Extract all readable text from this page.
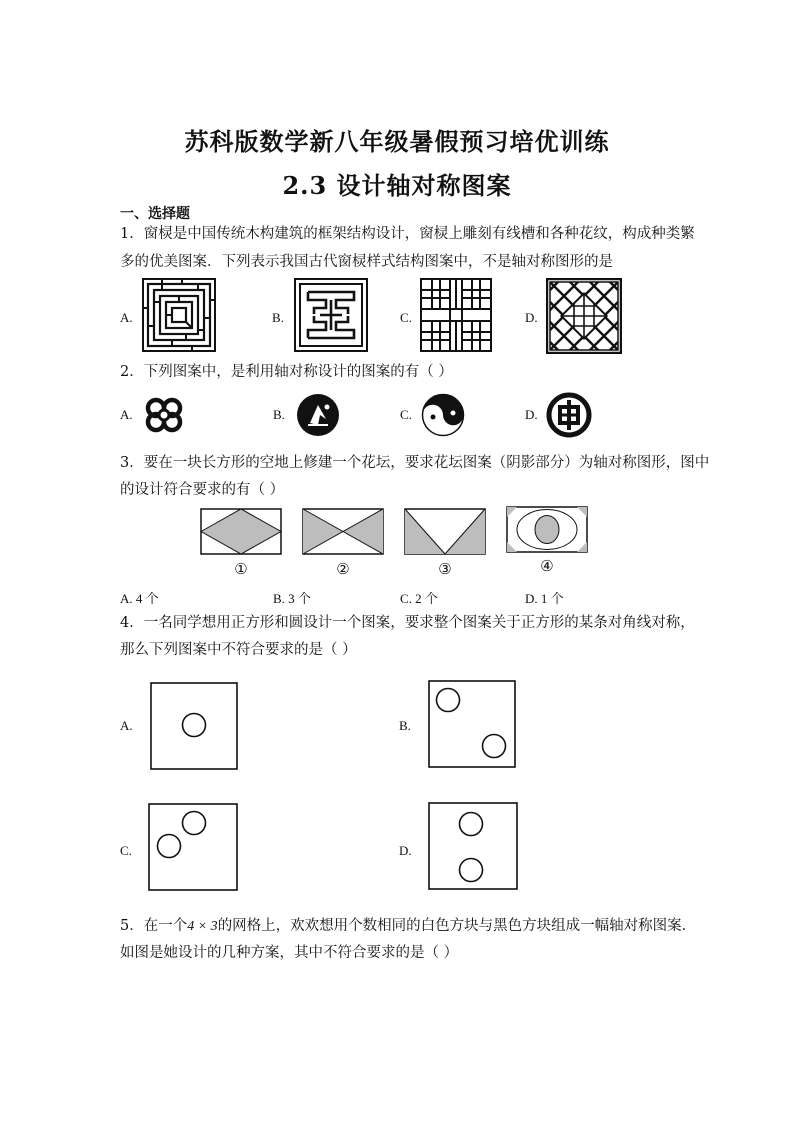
苏科版数学新八年级暑假预习培优训练
2.3 设计轴对称图案
一、选择题
1．窗棂是中国传统木构建筑的框架结构设计，窗棂上雕刻有线槽和各种花纹，构成种类繁
多的优美图案．下列表示我国古代窗棂样式结构图案中，不是轴对称图形的是
A.	B.	C.	D.
2．下列图案中，是利用轴对称设计的图案的有（ ）
A.	B.	C.	D.
3．要在一块长方形的空地上修建一个花坛，要求花坛图案（阴影部分）为轴对称图形，图中
的设计符合要求的有（ ）
①	②	③	④
A. 4 个	B. 3 个	C. 2 个	D. 1 个
4．一名同学想用正方形和圆设计一个图案，要求整个图案关于正方形的某条对角线对称，
那么下列图案中不符合要求的是（ ）
A.	B.
C.	D.
5．在一个4 × 3的网格上，欢欢想用个数相同的白色方块与黑色方块组成一幅轴对称图案．
如图是她设计的几种方案，其中不符合要求的是（ ）
